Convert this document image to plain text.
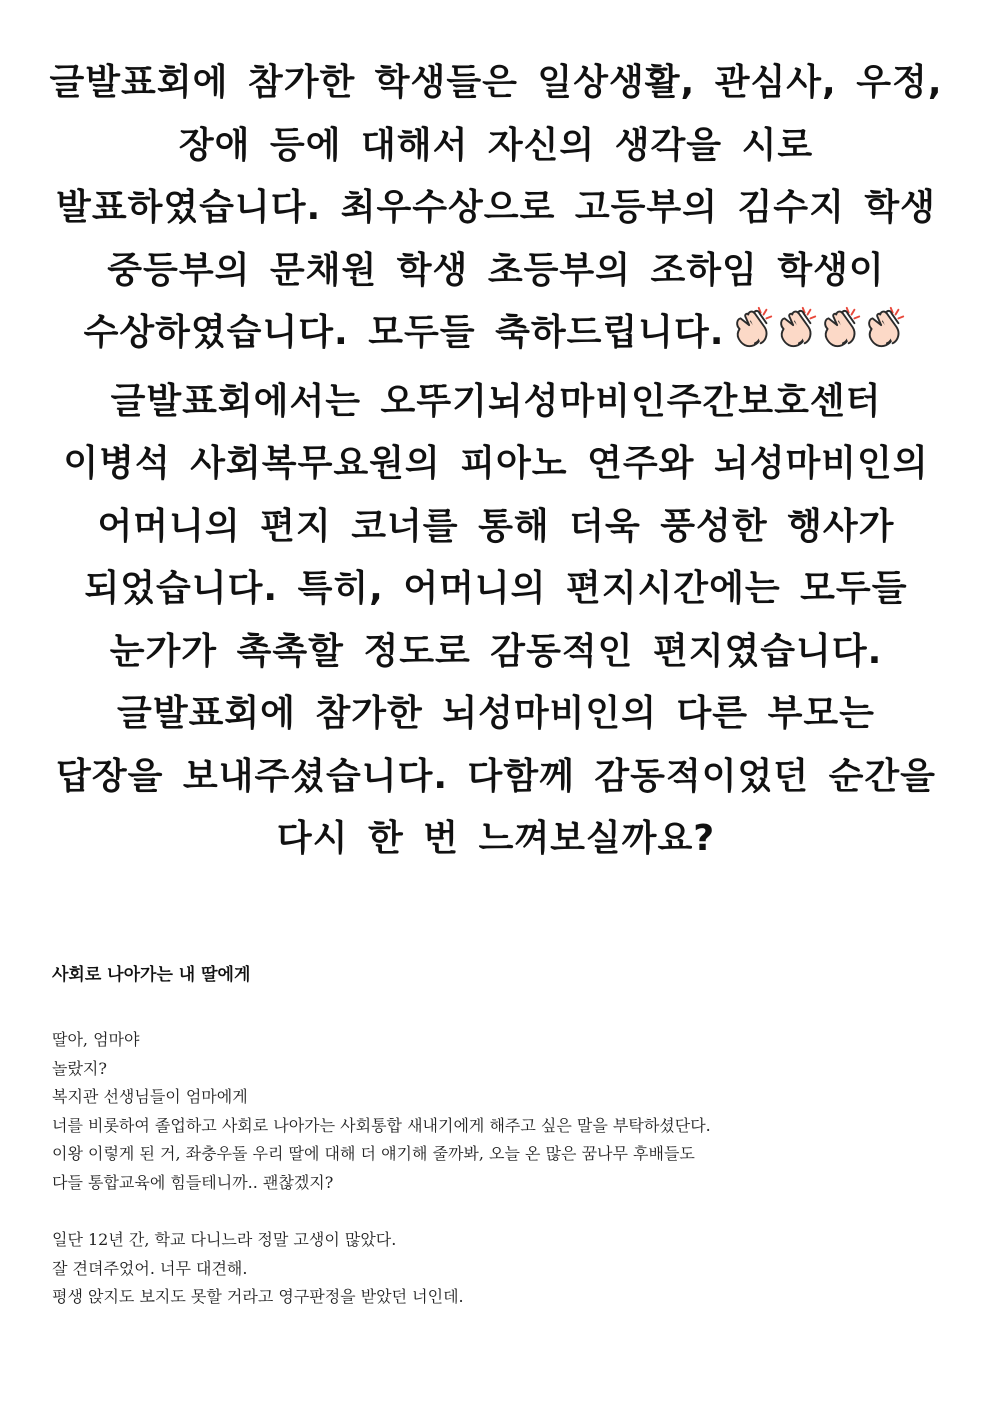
글발표회에 참가한 학생들은 일상생활, 관심사, 우정,
장애 등에 대해서 자신의 생각을 시로
발표하였습니다. 최우수상으로 고등부의 김수지 학생
중등부의 문채원 학생 초등부의 조하임 학생이
수상하였습니다. 모두들 축하드립니다.
글발표회에서는 오뚜기뇌성마비인주간보호센터
이병석 사회복무요원의 피아노 연주와 뇌성마비인의
어머니의 편지 코너를 통해 더욱 풍성한 행사가
되었습니다. 특히, 어머니의 편지시간에는 모두들
눈가가 촉촉할 정도로 감동적인 편지였습니다.
글발표회에 참가한 뇌성마비인의 다른 부모는
답장을 보내주셨습니다. 다함께 감동적이었던 순간을
다시 한 번 느껴보실까요?

사회로 나아가는 내 딸에게

딸아, 엄마야
놀랐지?
복지관 선생님들이 엄마에게
너를 비롯하여 졸업하고 사회로 나아가는 사회통합 새내기에게 해주고 싶은 말을 부탁하셨단다.
이왕 이렇게 된 거, 좌충우돌 우리 딸에 대해 더 얘기해 줄까봐, 오늘 온 많은 꿈나무 후배들도
다들 통합교육에 힘들테니까.. 괜찮겠지?
일단 12년 간, 학교 다니느라 정말 고생이 많았다.
잘 견뎌주었어. 너무 대견해.
평생 앉지도 보지도 못할 거라고 영구판정을 받았던 너인데.
